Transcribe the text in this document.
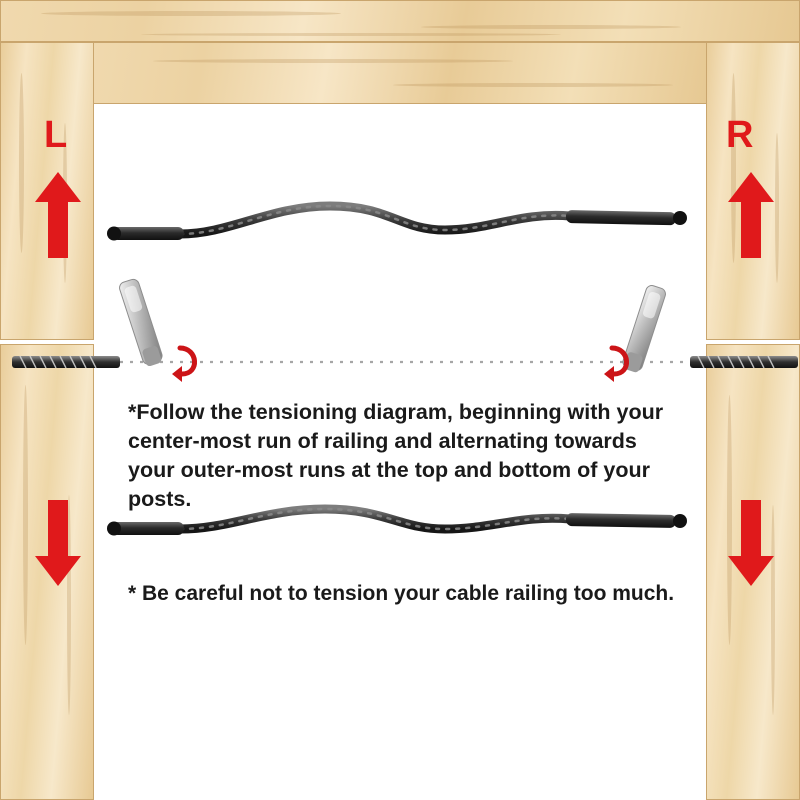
L	R
*Follow the tensioning diagram, beginning with your center-most run of railing and alternating towards your outer-most runs at the top and bottom of your posts.
* Be careful not to tension your cable railing too much.
